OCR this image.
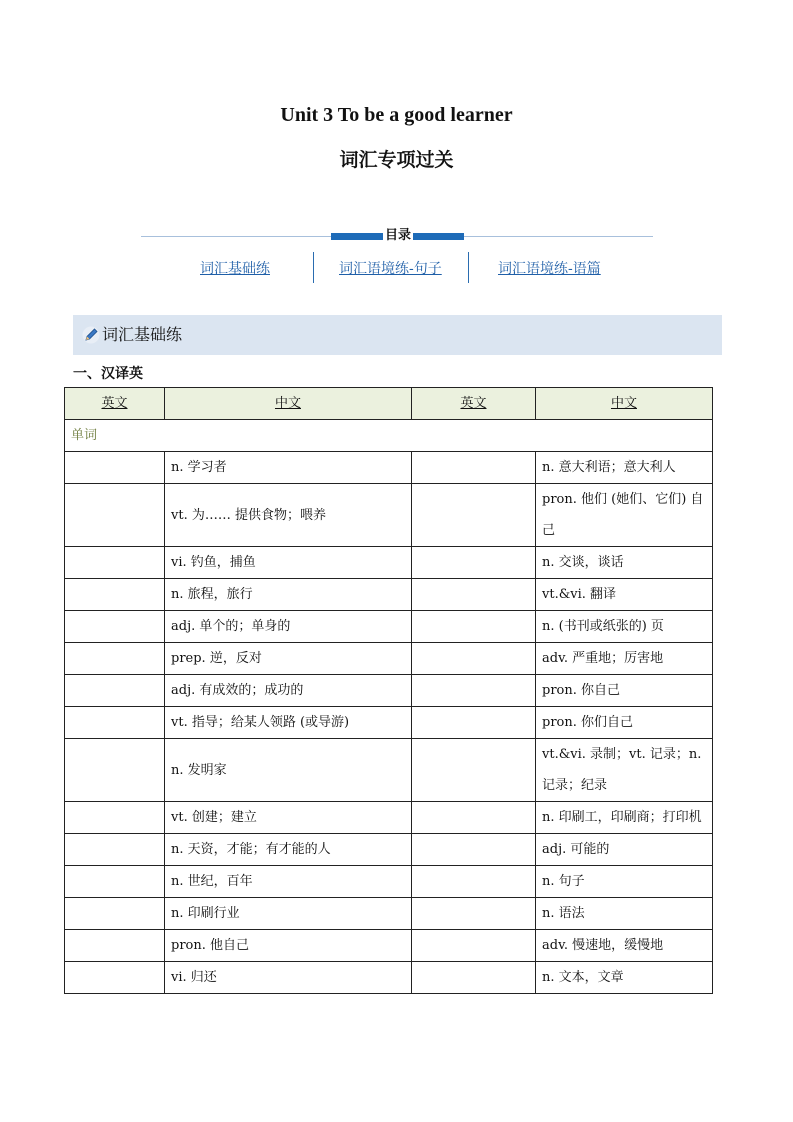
Unit 3 To be a good learner
词汇专项过关
目录
词汇基础练	词汇语境练-句子	词汇语境练-语篇
词汇基础练
一、汉译英
英文	中文	英文	中文
单词			
	n. 学习者		n. 意大利语；意大利人
	vt. 为…… 提供食物；喂养		pron. 他们 (她们、它们) 自己
	vi. 钓鱼，捕鱼		n. 交谈，谈话
	n. 旅程，旅行		vt.&vi. 翻译
	adj. 单个的；单身的		n. (书刊或纸张的) 页
	prep. 逆，反对		adv. 严重地；厉害地
	adj. 有成效的；成功的		pron. 你自己
	vt. 指导；给某人领路 (或导游)		pron. 你们自己
	n. 发明家		vt.&vi. 录制；vt. 记录；n. 记录；纪录
	vt. 创建；建立		n. 印刷工，印刷商；打印机
	n. 天资，才能；有才能的人		adj. 可能的
	n. 世纪，百年		n. 句子
	n. 印刷行业		n. 语法
	pron. 他自己		adv. 慢速地，缓慢地
	vi. 归还		n. 文本，文章
